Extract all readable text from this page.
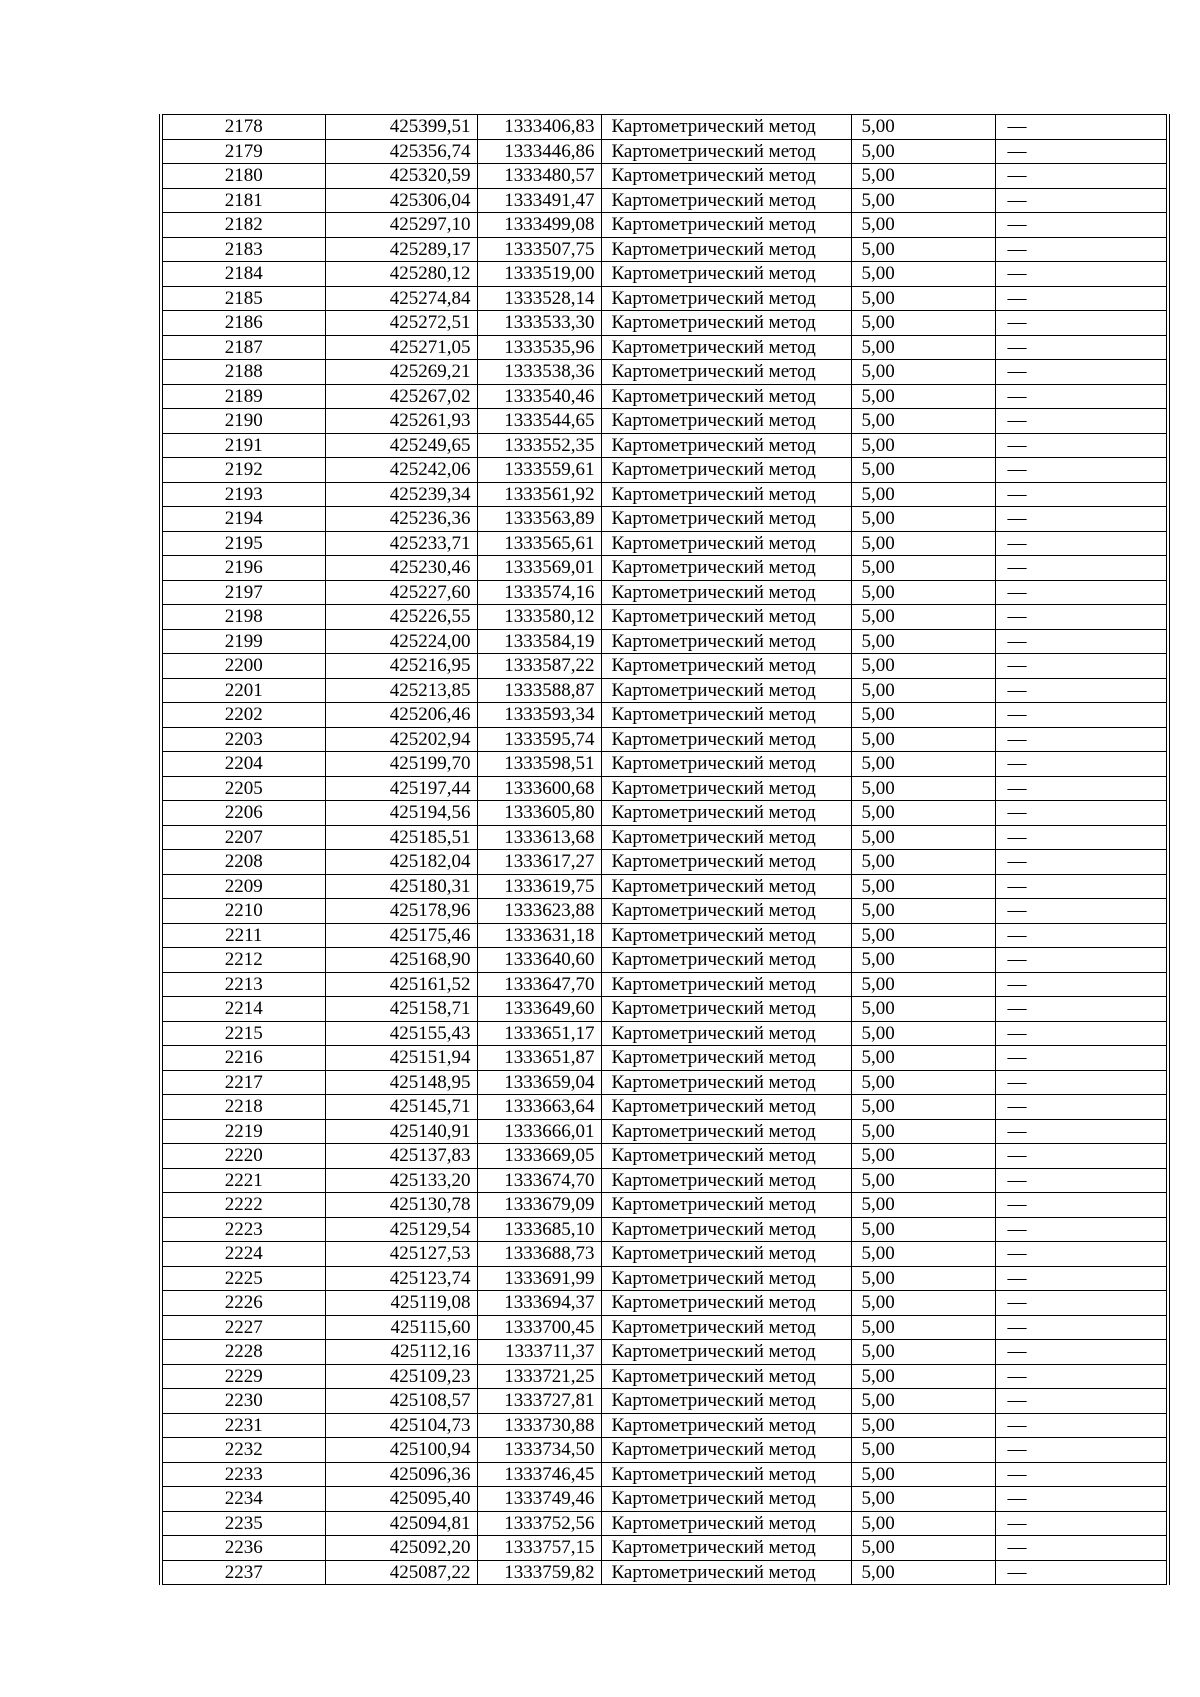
2178	425399,51	1333406,83	Картометрический метод	5,00	—
2179	425356,74	1333446,86	Картометрический метод	5,00	—
2180	425320,59	1333480,57	Картометрический метод	5,00	—
2181	425306,04	1333491,47	Картометрический метод	5,00	—
2182	425297,10	1333499,08	Картометрический метод	5,00	—
2183	425289,17	1333507,75	Картометрический метод	5,00	—
2184	425280,12	1333519,00	Картометрический метод	5,00	—
2185	425274,84	1333528,14	Картометрический метод	5,00	—
2186	425272,51	1333533,30	Картометрический метод	5,00	—
2187	425271,05	1333535,96	Картометрический метод	5,00	—
2188	425269,21	1333538,36	Картометрический метод	5,00	—
2189	425267,02	1333540,46	Картометрический метод	5,00	—
2190	425261,93	1333544,65	Картометрический метод	5,00	—
2191	425249,65	1333552,35	Картометрический метод	5,00	—
2192	425242,06	1333559,61	Картометрический метод	5,00	—
2193	425239,34	1333561,92	Картометрический метод	5,00	—
2194	425236,36	1333563,89	Картометрический метод	5,00	—
2195	425233,71	1333565,61	Картометрический метод	5,00	—
2196	425230,46	1333569,01	Картометрический метод	5,00	—
2197	425227,60	1333574,16	Картометрический метод	5,00	—
2198	425226,55	1333580,12	Картометрический метод	5,00	—
2199	425224,00	1333584,19	Картометрический метод	5,00	—
2200	425216,95	1333587,22	Картометрический метод	5,00	—
2201	425213,85	1333588,87	Картометрический метод	5,00	—
2202	425206,46	1333593,34	Картометрический метод	5,00	—
2203	425202,94	1333595,74	Картометрический метод	5,00	—
2204	425199,70	1333598,51	Картометрический метод	5,00	—
2205	425197,44	1333600,68	Картометрический метод	5,00	—
2206	425194,56	1333605,80	Картометрический метод	5,00	—
2207	425185,51	1333613,68	Картометрический метод	5,00	—
2208	425182,04	1333617,27	Картометрический метод	5,00	—
2209	425180,31	1333619,75	Картометрический метод	5,00	—
2210	425178,96	1333623,88	Картометрический метод	5,00	—
2211	425175,46	1333631,18	Картометрический метод	5,00	—
2212	425168,90	1333640,60	Картометрический метод	5,00	—
2213	425161,52	1333647,70	Картометрический метод	5,00	—
2214	425158,71	1333649,60	Картометрический метод	5,00	—
2215	425155,43	1333651,17	Картометрический метод	5,00	—
2216	425151,94	1333651,87	Картометрический метод	5,00	—
2217	425148,95	1333659,04	Картометрический метод	5,00	—
2218	425145,71	1333663,64	Картометрический метод	5,00	—
2219	425140,91	1333666,01	Картометрический метод	5,00	—
2220	425137,83	1333669,05	Картометрический метод	5,00	—
2221	425133,20	1333674,70	Картометрический метод	5,00	—
2222	425130,78	1333679,09	Картометрический метод	5,00	—
2223	425129,54	1333685,10	Картометрический метод	5,00	—
2224	425127,53	1333688,73	Картометрический метод	5,00	—
2225	425123,74	1333691,99	Картометрический метод	5,00	—
2226	425119,08	1333694,37	Картометрический метод	5,00	—
2227	425115,60	1333700,45	Картометрический метод	5,00	—
2228	425112,16	1333711,37	Картометрический метод	5,00	—
2229	425109,23	1333721,25	Картометрический метод	5,00	—
2230	425108,57	1333727,81	Картометрический метод	5,00	—
2231	425104,73	1333730,88	Картометрический метод	5,00	—
2232	425100,94	1333734,50	Картометрический метод	5,00	—
2233	425096,36	1333746,45	Картометрический метод	5,00	—
2234	425095,40	1333749,46	Картометрический метод	5,00	—
2235	425094,81	1333752,56	Картометрический метод	5,00	—
2236	425092,20	1333757,15	Картометрический метод	5,00	—
2237	425087,22	1333759,82	Картометрический метод	5,00	—
